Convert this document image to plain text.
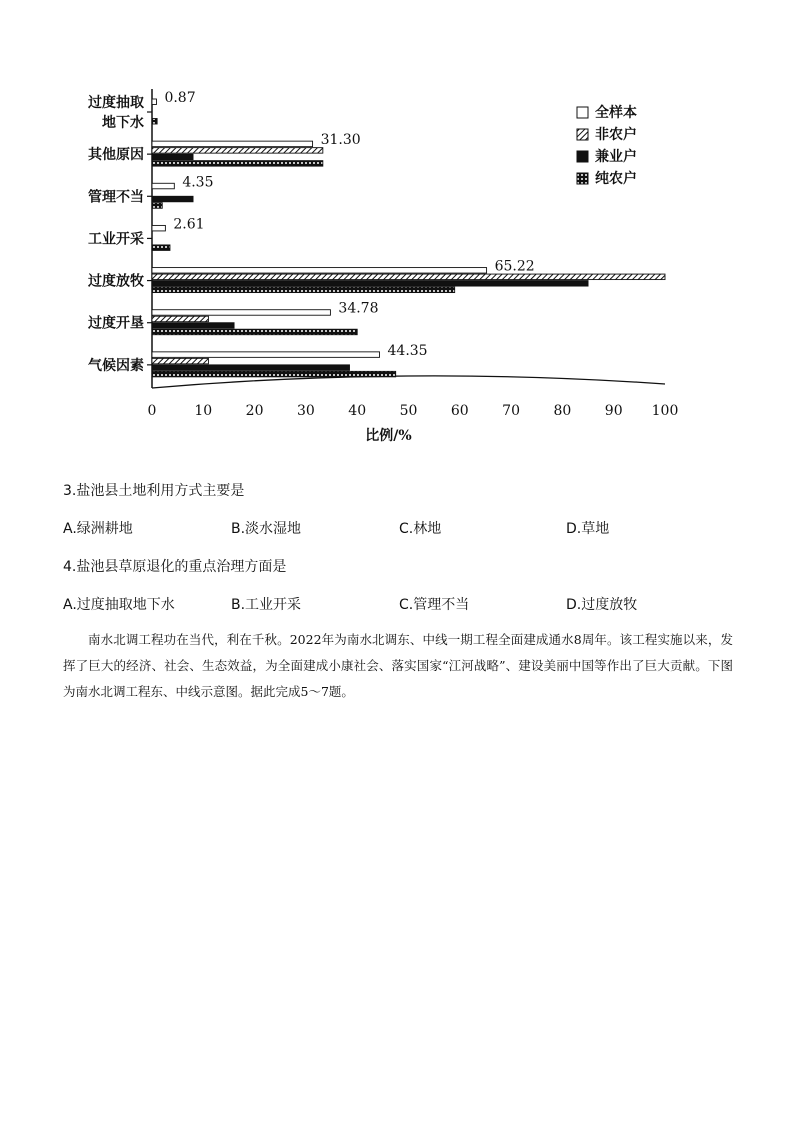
0	10 20 30 40 50 60 70 80 90 100
比例/%
过度抽取
地下水
0.87
其他原因
31.30
管理不当
4.35
工业开采
2.61
过度放牧
65.22
过度开垦
34.78
气候因素
44.35
全样本
非农户
兼业户
纯农户
3.盐池县土地利用方式主要是
A.绿洲耕地	B.淡水湿地	C.林地	D.草地
4.盐池县草原退化的重点治理方面是
A.过度抽取地下水	B.工业开采	C.管理不当	D.过度放牧
南水北调工程功在当代，利在千秋。2022年为南水北调东、中线一期工程全面建成通水8周年。该工程实施以来，发挥了巨大的经济、社会、生态效益，为全面建成小康社会、落实国家“江河战略”、建设美丽中国等作出了巨大贡献。下图为南水北调工程东、中线示意图。据此完成5～7题。
